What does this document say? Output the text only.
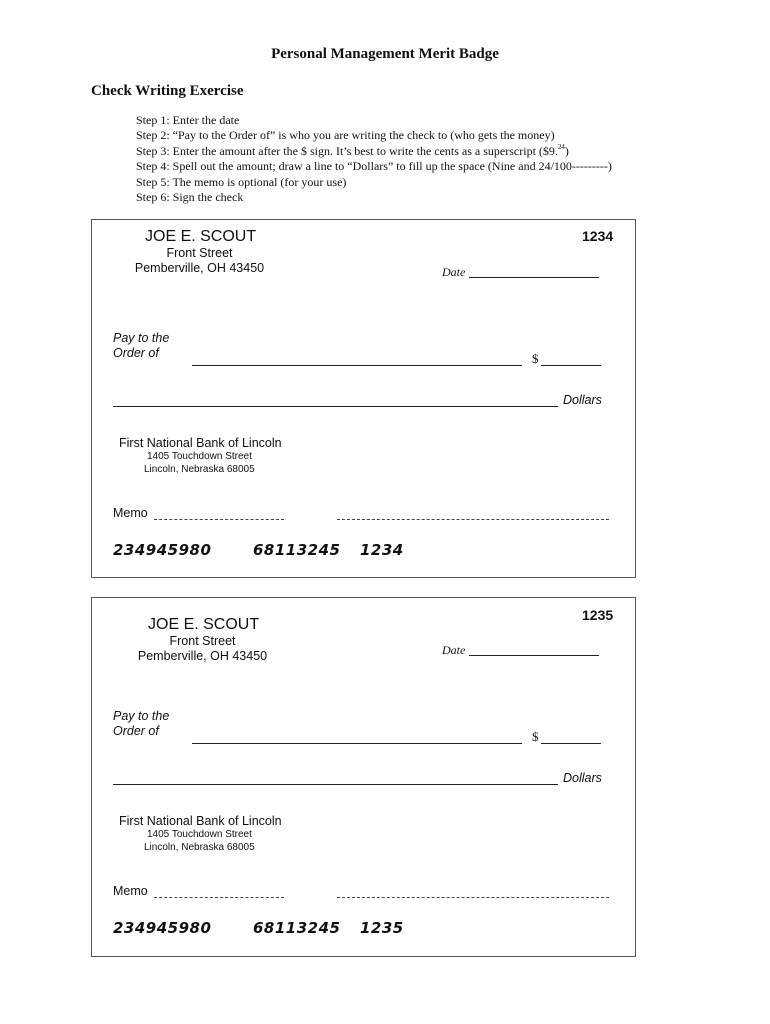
Personal Management Merit Badge
Check Writing Exercise
Step 1: Enter the date
Step 2: “Pay to the Order of” is who you are writing the check to (who gets the money)
Step 3: Enter the amount after the $ sign. It’s best to write the cents as a superscript ($9.24)
Step 4: Spell out the amount; draw a line to “Dollars” to fill up the space (Nine and 24/100---------)
Step 5: The memo is optional (for your use)
Step 6: Sign the check
JOE E. SCOUT
Front Street
Pemberville, OH 43450
1234
Date
Pay to the
Order of	$
Dollars
First National Bank of Lincoln
1405 Touchdown Street
Lincoln, Nebraska 68005
Memo
234945980	68113245 1234
JOE E. SCOUT
Front Street
Pemberville, OH 43450
1235
Date
Pay to the
Order of	$
Dollars
First National Bank of Lincoln
1405 Touchdown Street
Lincoln, Nebraska 68005
Memo
234945980	68113245 1235
